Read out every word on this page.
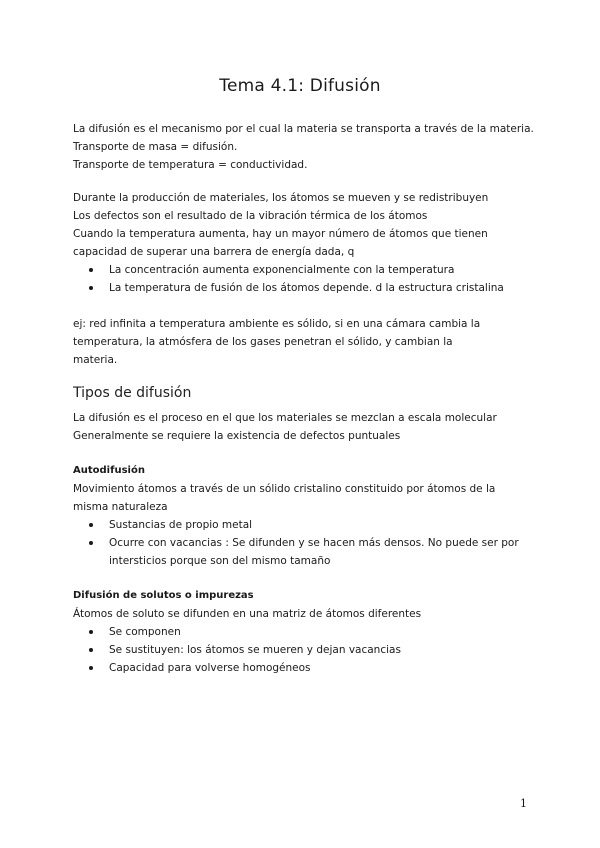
Tema 4.1: Difusión
La difusión es el mecanismo por el cual la materia se transporta a través de la materia.
Transporte de masa = difusión.
Transporte de temperatura = conductividad.
Durante la producción de materiales, los átomos se mueven y se redistribuyen
Los defectos son el resultado de la vibración térmica de los átomos
Cuando la temperatura aumenta, hay un mayor número de átomos que tienen capacidad de superar una barrera de energía dada, q
La concentración aumenta exponencialmente con la temperatura
La temperatura de fusión de los átomos depende. d la estructura cristalina
ej: red infinita a temperatura ambiente es sólido, si en una cámara cambia la temperatura, la atmósfera de los gases penetran el sólido, y cambian la materia.
Tipos de difusión
La difusión es el proceso en el que los materiales se mezclan a escala molecular
Generalmente se requiere la existencia de defectos puntuales
Autodifusión
Movimiento átomos a través de un sólido cristalino constituido por átomos de la misma naturaleza
Sustancias de propio metal
Ocurre con vacancias : Se difunden y se hacen más densos. No puede ser por intersticios porque son del mismo tamaño
Difusión de solutos o impurezas
Átomos de soluto se difunden en una matriz de átomos diferentes
Se componen
Se sustituyen: los átomos se mueren y dejan vacancias
Capacidad para volverse homogéneos
1
